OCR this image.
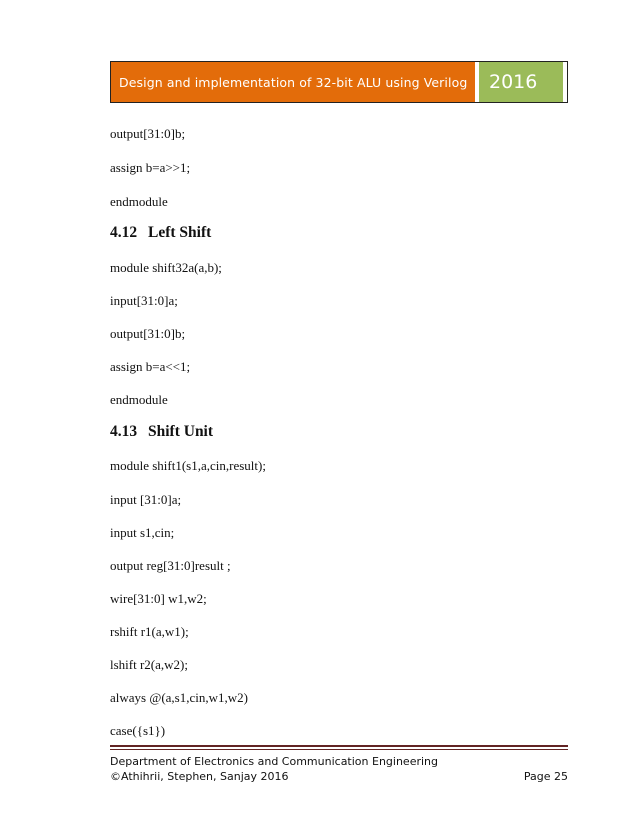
Design and implementation of 32-bit ALU using Verilog	2016
output[31:0]b;
assign b=a>>1;
endmodule
4.12 Left Shift
module shift32a(a,b);
input[31:0]a;
output[31:0]b;
assign b=a<<1;
endmodule
4.13 Shift Unit
module shift1(s1,a,cin,result);
input [31:0]a;
input s1,cin;
output reg[31:0]result ;
wire[31:0] w1,w2;
rshift r1(a,w1);
lshift r2(a,w2);
always @(a,s1,cin,w1,w2)
case({s1})
Department of Electronics and Communication Engineering
©Athihrii, Stephen, Sanjay 2016	Page 25
